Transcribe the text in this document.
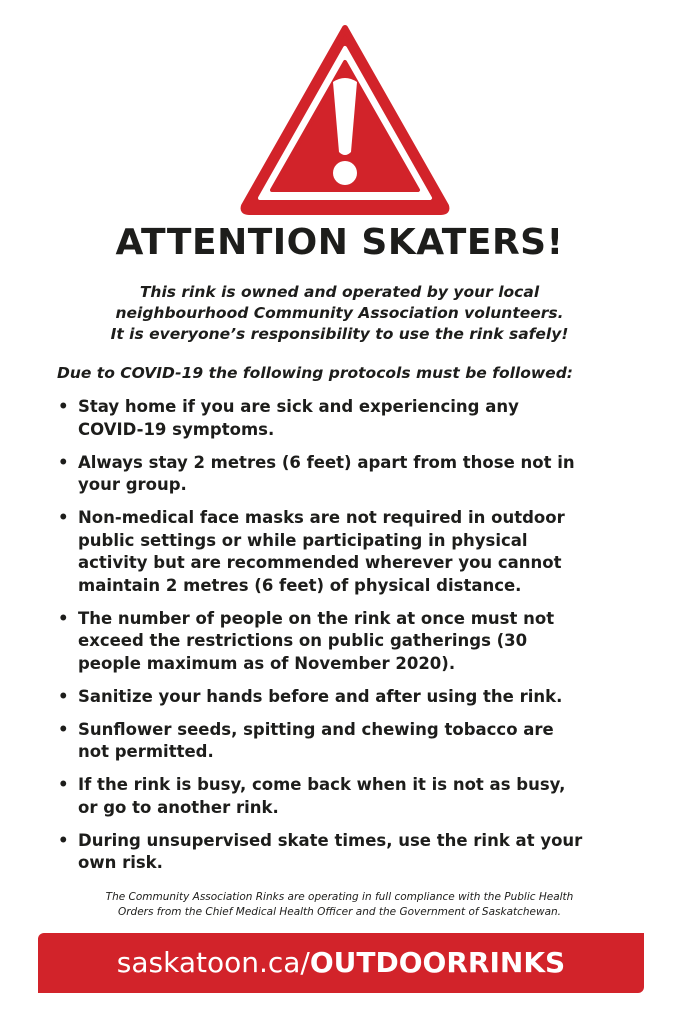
ATTENTION SKATERS!
This rink is owned and operated by your local
neighbourhood Community Association volunteers.
It is everyone’s responsibility to use the rink safely!
Due to COVID-19 the following protocols must be followed:
• Stay home if you are sick and experiencing any
COVID-19 symptoms.
• Always stay 2 metres (6 feet) apart from those not in
your group.
• Non-medical face masks are not required in outdoor
public settings or while participating in physical
activity but are recommended wherever you cannot
maintain 2 metres (6 feet) of physical distance.
• The number of people on the rink at once must not
exceed the restrictions on public gatherings (30
people maximum as of November 2020).
• Sanitize your hands before and after using the rink.
• Sunflower seeds, spitting and chewing tobacco are
not permitted.
• If the rink is busy, come back when it is not as busy,
or go to another rink.
• During unsupervised skate times, use the rink at your
own risk.
The Community Association Rinks are operating in full compliance with the Public Health
Orders from the Chief Medical Health Officer and the Government of Saskatchewan.
saskatoon.ca/OUTDOORRINKS
